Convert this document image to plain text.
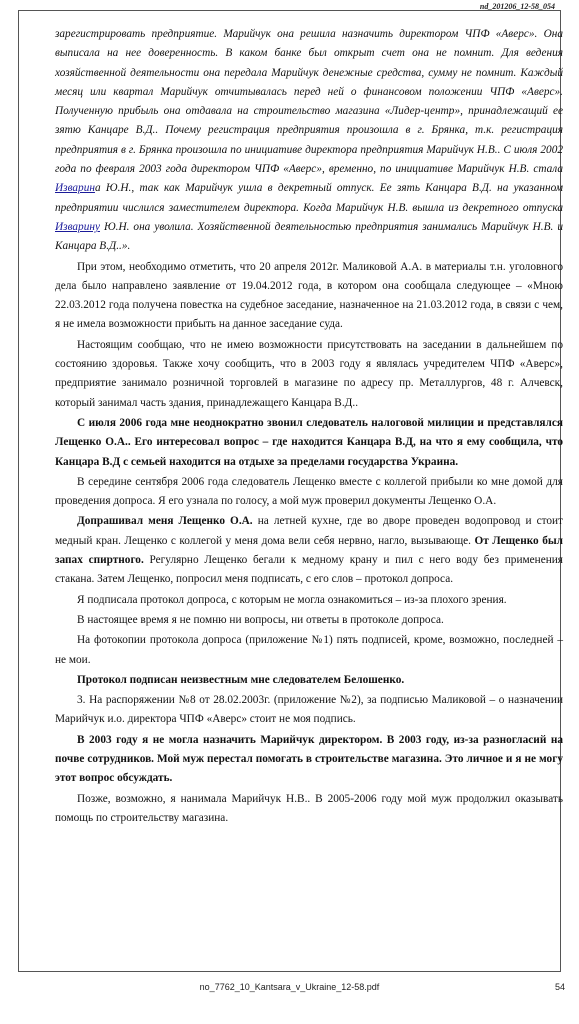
nd_201206_12-58_054

зарегистрировать предприятие. Марийчук она решила назначить директором ЧПФ «Аверс». Она выписала на нее доверенность. В каком банке был открыт счет она не помнит. Для ведения хозяйственной деятельности она передала Марийчук денежные средства, сумму не помнит. Каждый месяц или квартал Марийчук отчитывалась перед ней о финансовом положении ЧПФ «Аверс». Полученную прибыль она отдавала на строительство магазина «Лидер-центр», принадлежащий ее зятю Канцаре В.Д.. Почему регистрация предприятия произошла в г. Брянка, т.к. регистрация предприятия в г. Брянка произошла по инициативе директора предприятия Марийчук Н.В.. С июля 2002 года по февраля 2003 года директором ЧПФ «Аверс», временно, по инициативе Марийчук Н.В. стала Изварина Ю.Н., так как Марийчук ушла в декретный отпуск. Ее зять Канцара В.Д. на указанном предприятии числился заместителем директора. Когда Марийчук Н.В. вышла из декретного отпуска Изварину Ю.Н. она уволила. Хозяйственной деятельностью предприятия занимались Марийчук Н.В. и Канцара В.Д..».

При этом, необходимо отметить, что 20 апреля 2012г. Маликовой А.А. в материалы т.н. уголовного дела было направлено заявление от 19.04.2012 года, в котором она сообщала следующее – «Мною 22.03.2012 года получена повестка на судебное заседание, назначенное на 21.03.2012 года, в связи с чем, я не имела возможности прибыть на данное заседание суда.

Настоящим сообщаю, что не имею возможности присутствовать на заседании в дальнейшем по состоянию здоровья. Также хочу сообщить, что в 2003 году я являлась учредителем ЧПФ «Аверс», предприятие занимало розничной торговлей в магазине по адресу пр. Металлургов, 48 г. Алчевск, который занимал часть здания, принадлежащего Канцара В.Д..

С июля 2006 года мне неоднократно звонил следователь налоговой милиции и представлялся Лещенко О.А.. Его интересовал вопрос – где находится Канцара В.Д, на что я ему сообщила, что Канцара В.Д с семьей находится на отдыхе за пределами государства Украина.

В середине сентября 2006 года следователь Лещенко вместе с коллегой прибыли ко мне домой для проведения допроса. Я его узнала по голосу, а мой муж проверил документы Лещенко О.А.

Допрашивал меня Лещенко О.А. на летней кухне, где во дворе проведен водопровод и стоит медный кран. Лещенко с коллегой у меня дома вели себя нервно, нагло, вызывающе. От Лещенко был запах спиртного. Регулярно Лещенко бегали к медному крану и пил с него воду без применения стакана. Затем Лещенко, попросил меня подписать, с его слов – протокол допроса.

Я подписала протокол допроса, с которым не могла ознакомиться – из-за плохого зрения.

В настоящее время я не помню ни вопросы, ни ответы в протоколе допроса.

На фотокопии протокола допроса (приложение №1) пять подписей, кроме, возможно, последней – не мои.

Протокол подписан неизвестным мне следователем Белошенко.

3. На распоряжении №8 от 28.02.2003г. (приложение №2), за подписью Маликовой – о назначении Марийчук и.о. директора ЧПФ «Аверс» стоит не моя подпись.

В 2003 году я не могла назначить Марийчук директором. В 2003 году, из-за разногласий на почве сотрудников. Мой муж перестал помогать в строительстве магазина. Это личное и я не могу этот вопрос обсуждать.

Позже, возможно, я нанимала Марийчук Н.В.. В 2005-2006 году мой муж продолжил оказывать помощь по строительству магазина.

no_7762_10_Kantsara_v_Ukraine_12-58.pdf	54
